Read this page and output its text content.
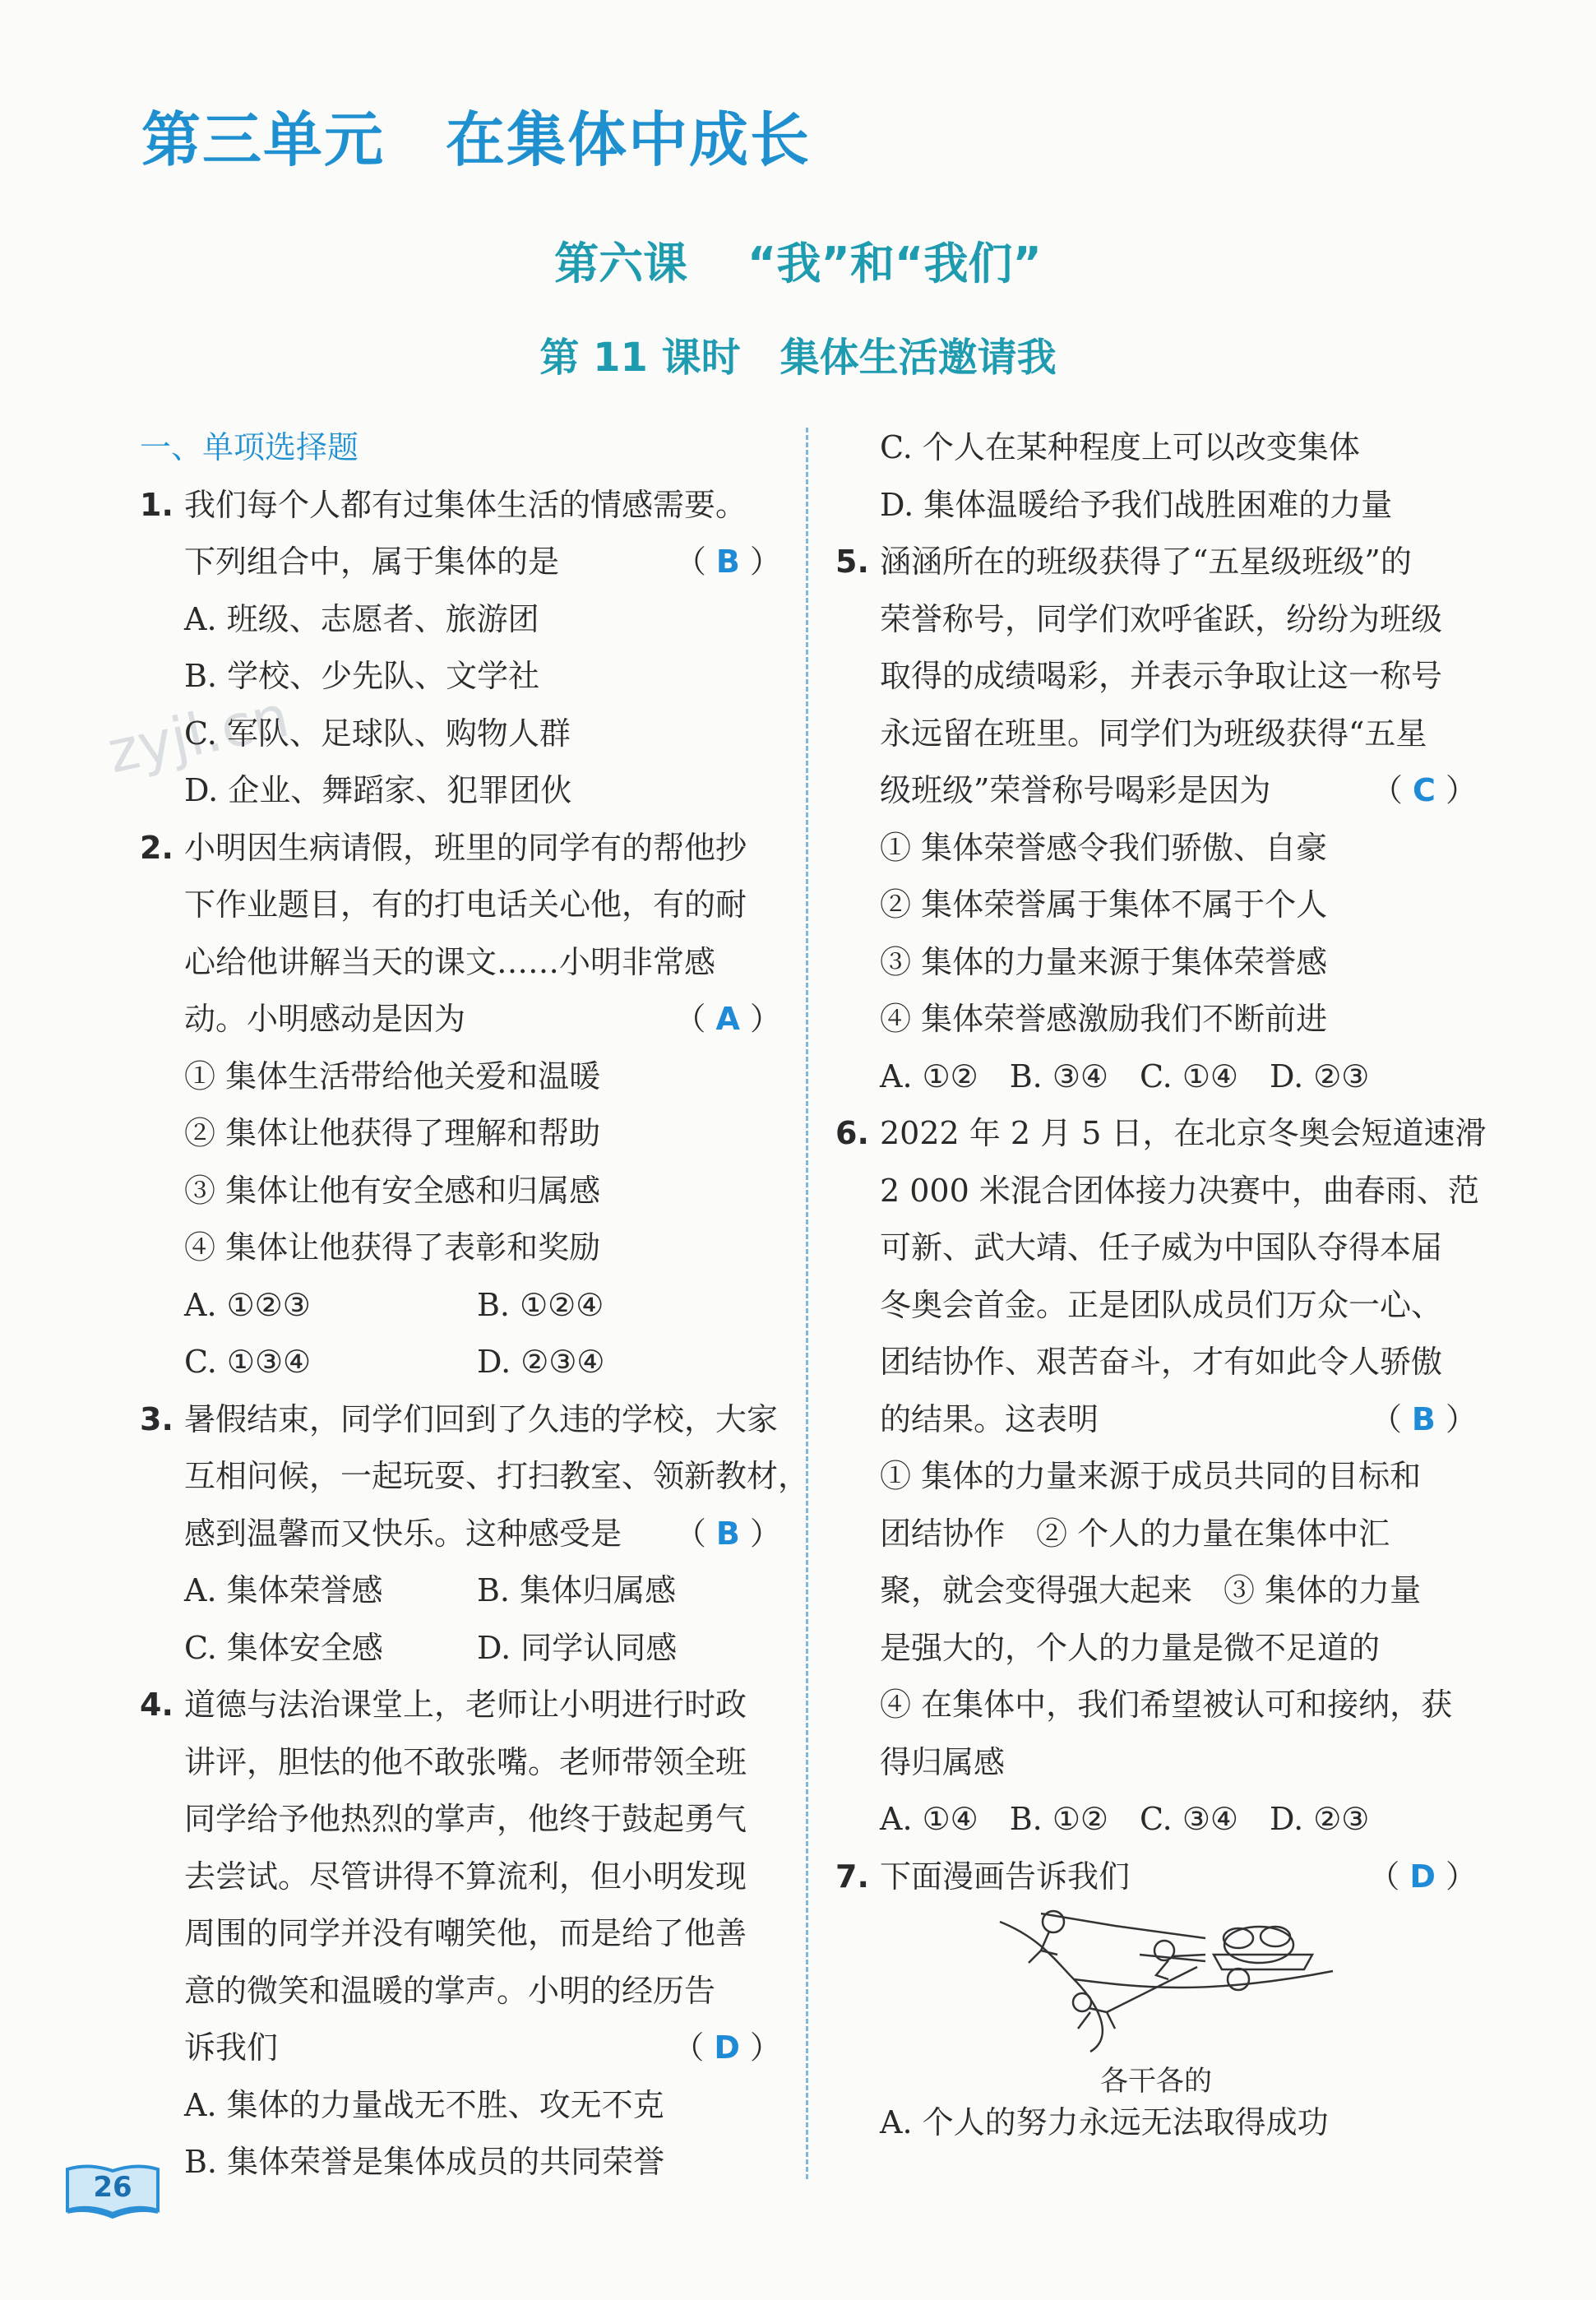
第三单元　在集体中成长
第六课　 “我”和“我们”
第 11 课时　集体生活邀请我
zyjl.cn
一、单项选择题
1. 我们每个人都有过集体生活的情感需要。
下列组合中，属于集体的是	（ B ）
A. 班级、志愿者、旅游团
B. 学校、少先队、文学社
C. 军队、足球队、购物人群
D. 企业、舞蹈家、犯罪团伙
2. 小明因生病请假，班里的同学有的帮他抄
下作业题目，有的打电话关心他，有的耐
心给他讲解当天的课文……小明非常感
动。小明感动是因为	（ A ）
① 集体生活带给他关爱和温暖
② 集体让他获得了理解和帮助
③ 集体让他有安全感和归属感
④ 集体让他获得了表彰和奖励
A. ①②③	B. ①②④
C. ①③④	D. ②③④
3. 暑假结束，同学们回到了久违的学校，大家
互相问候，一起玩耍、打扫教室、领新教材，
感到温馨而又快乐。这种感受是 （ B ）
A. 集体荣誉感	B. 集体归属感
C. 集体安全感	D. 同学认同感
4. 道德与法治课堂上，老师让小明进行时政
讲评，胆怯的他不敢张嘴。老师带领全班
同学给予他热烈的掌声，他终于鼓起勇气
去尝试。尽管讲得不算流利，但小明发现
周围的同学并没有嘲笑他，而是给了他善
意的微笑和温暖的掌声。小明的经历告
诉我们	（ D ）
A. 集体的力量战无不胜、攻无不克
B. 集体荣誉是集体成员的共同荣誉
C. 个人在某种程度上可以改变集体
D. 集体温暖给予我们战胜困难的力量
5. 涵涵所在的班级获得了“五星级班级”的
荣誉称号，同学们欢呼雀跃，纷纷为班级
取得的成绩喝彩，并表示争取让这一称号
永远留在班里。同学们为班级获得“五星
级班级”荣誉称号喝彩是因为	（ C ）
① 集体荣誉感令我们骄傲、自豪
② 集体荣誉属于集体不属于个人
③ 集体的力量来源于集体荣誉感
④ 集体荣誉感激励我们不断前进
A. ①②　B. ③④　C. ①④　D. ②③
6. 2022 年 2 月 5 日，在北京冬奥会短道速滑
2 000 米混合团体接力决赛中，曲春雨、范
可新、武大靖、任子威为中国队夺得本届
冬奥会首金。正是团队成员们万众一心、
团结协作、艰苦奋斗，才有如此令人骄傲
的结果。这表明	（ B ）
① 集体的力量来源于成员共同的目标和
团结协作　② 个人的力量在集体中汇
聚，就会变得强大起来　③ 集体的力量
是强大的，个人的力量是微不足道的
④ 在集体中，我们希望被认可和接纳，获
得归属感
A. ①④　B. ①②　C. ③④　D. ②③
7. 下面漫画告诉我们	（ D ）
各干各的
A. 个人的努力永远无法取得成功
26
